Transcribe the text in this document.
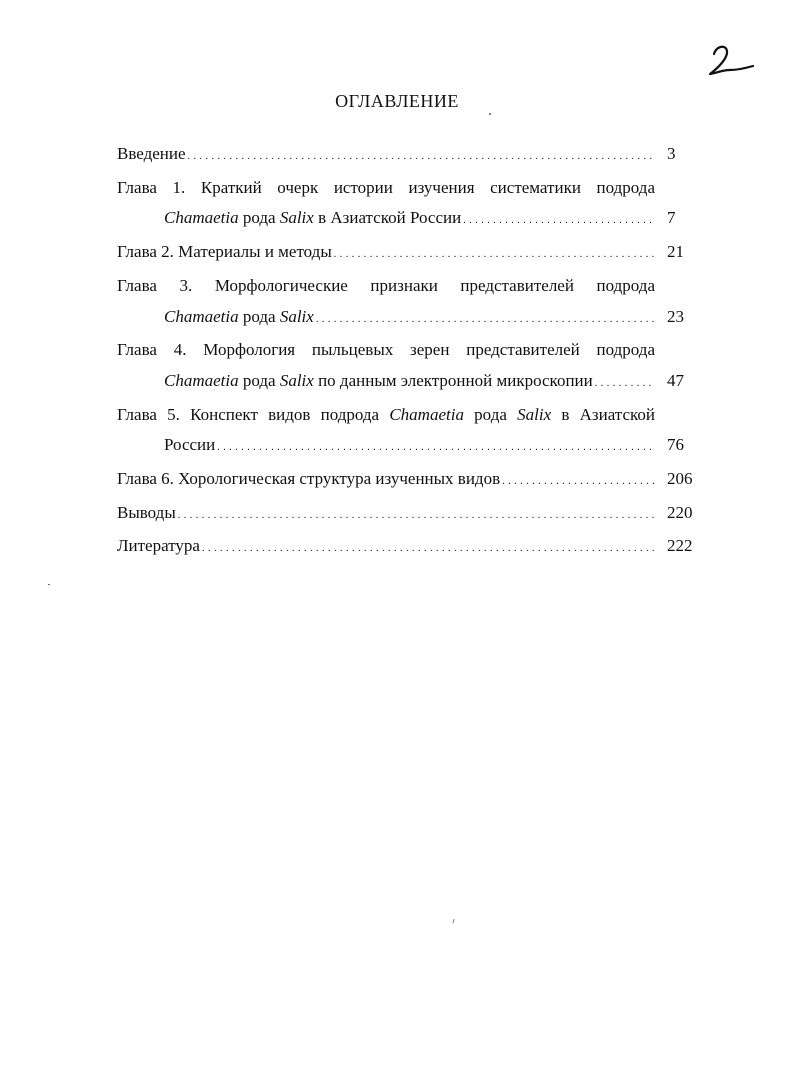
ОГЛАВЛЕНИЕ
Введение . . .	3
Глава 1. Краткий очерк истории изучения систематики подрода
Chamaetia рода Salix в Азиатской России . . .	7
Глава 2. Материалы и методы . . .	21
Глава 3. Морфологические признаки представителей подрода
Chamaetia рода Salix . . .	23
Глава 4. Морфология пыльцевых зерен представителей подрода
Chamaetia рода Salix по данным электронной микроскопии . . .	47
Глава 5. Конспект видов подрода Chamaetia рода Salix в Азиатской
России . . .	76
Глава 6. Хорологическая структура изученных видов . . .	206
Выводы . . .	220
Литература . . .	222
